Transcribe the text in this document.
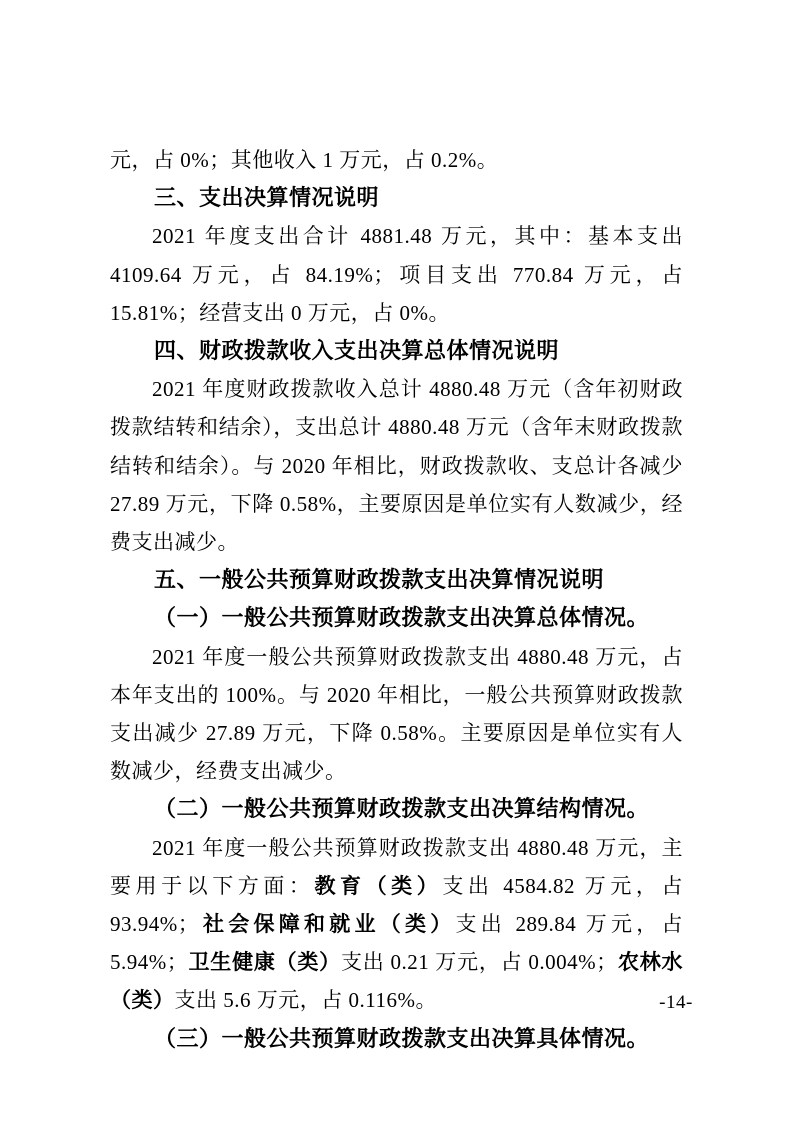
元，占 0%；其他收入 1 万元，占 0.2%。

三、支出决算情况说明

2021 年度支出合计 4881.48 万元，其中：基本支出 4109.64 万元，占 84.19%；项目支出 770.84 万元，占 15.81%；经营支出 0 万元，占 0%。

四、财政拨款收入支出决算总体情况说明

2021 年度财政拨款收入总计 4880.48 万元（含年初财政拨款结转和结余），支出总计 4880.48 万元（含年末财政拨款结转和结余）。与 2020 年相比，财政拨款收、支总计各减少 27.89 万元，下降 0.58%，主要原因是单位实有人数减少，经费支出减少。

五、一般公共预算财政拨款支出决算情况说明

（一）一般公共预算财政拨款支出决算总体情况。

2021 年度一般公共预算财政拨款支出 4880.48 万元，占本年支出的 100%。与 2020 年相比，一般公共预算财政拨款支出减少 27.89 万元，下降 0.58%。主要原因是单位实有人数减少，经费支出减少。

（二）一般公共预算财政拨款支出决算结构情况。

2021 年度一般公共预算财政拨款支出 4880.48 万元，主要用于以下方面：教育（类）支出 4584.82 万元，占 93.94%；社会保障和就业（类）支出 289.84 万元，占 5.94%；卫生健康（类）支出 0.21 万元，占 0.004%；农林水（类）支出 5.6 万元，占 0.116%。

（三）一般公共预算财政拨款支出决算具体情况。

-14-
